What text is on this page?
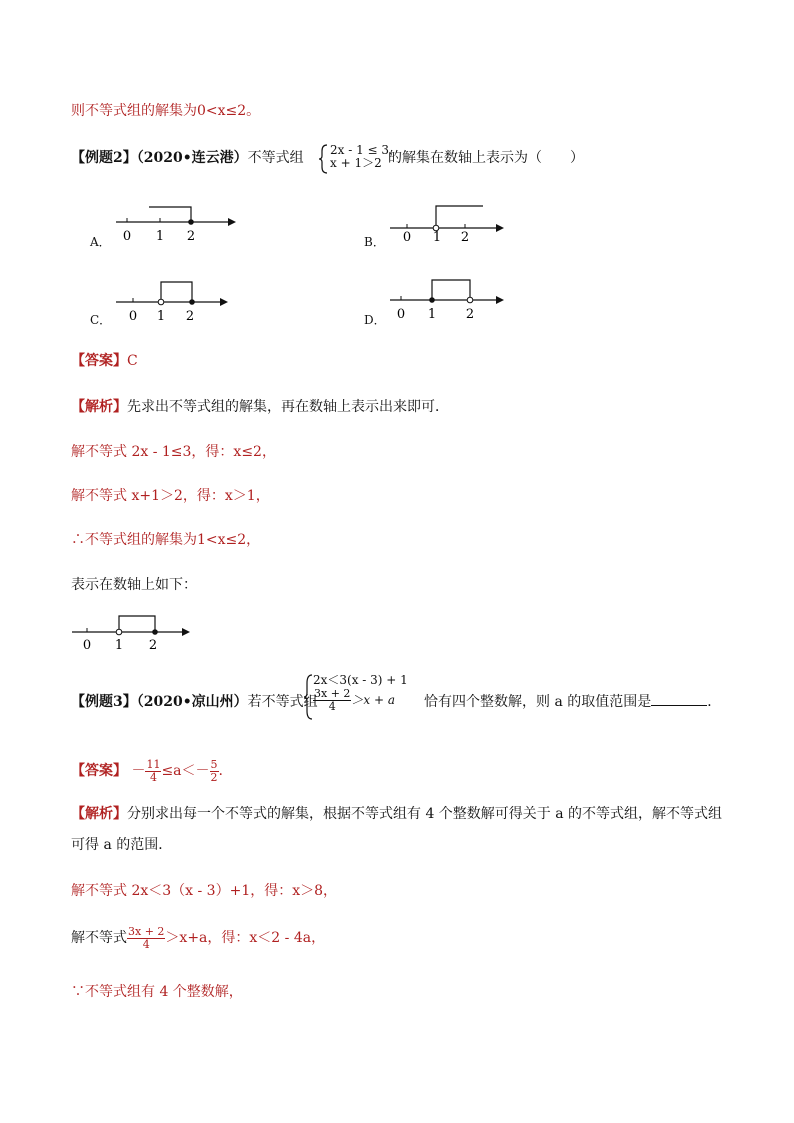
则不等式组的解集为0<x≤2。
【例题2】（2020•连云港）不等式组 2x - 1 ≤ 3，
x + 1＞2 的解集在数轴上表示为（　　）
A． 0 1 2	B． 0 1 2
C． 0 1 2	D． 0 1 2
【答案】C
【解析】先求出不等式组的解集，再在数轴上表示出来即可．
解不等式 2x - 1≤3，得：x≤2，
解不等式 x+1＞2，得：x＞1，
∴不等式组的解集为1<x≤2，
表示在数轴上如下：
0 1 2
【例题3】（2020•凉山州）若不等式组
2x＜3(x - 3) + 1
$\frac{3x + 2}{4} >x + a$	恰有四个整数解，则 a 的取值范围是	．
【答案】 － $\frac{11}{4} \le a<- \frac{5}{2}$ .
【解析】分别求出每一个不等式的解集，根据不等式组有 4 个整数解可得关于 a 的不等式组，解不等式组
可得 a 的范围．
解不等式 2x＜3（x - 3）+1，得：x＞8，
解不等式 $\frac{3x + 2}{4} >x+a$，得：x＜2 - 4a，
∵不等式组有 4 个整数解，
